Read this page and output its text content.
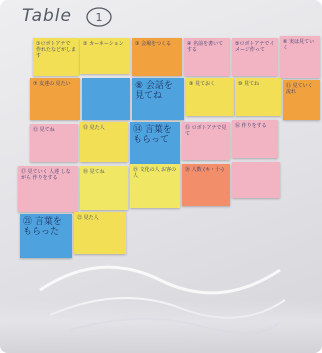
Table 1
①ロボトアナで 作れたなどがします
② カーネーション	③ 会場をつくる	④ 名前を書いてする
⑤ロボトアナでイメージ作って
⑥ 実は見ていく
⑦ 友達の 見たい	⑧ 会話を 見てね
⑨ 見ておく	⑩ 見てね	⑪ 見ていく 流れ
⑫ 見てね	⑬ 見た人	⑭ 言葉を もらって
⑮ ロボトアナで見て
⑯ 作りをする
⑰ 見ていく 人達 しながら 作りをする
⑱ 見てね	⑲ 文化の人 お客の人
⑳ 人数 (キ・十-)
㉑ 言葉を もらった
㉒ 見た人
